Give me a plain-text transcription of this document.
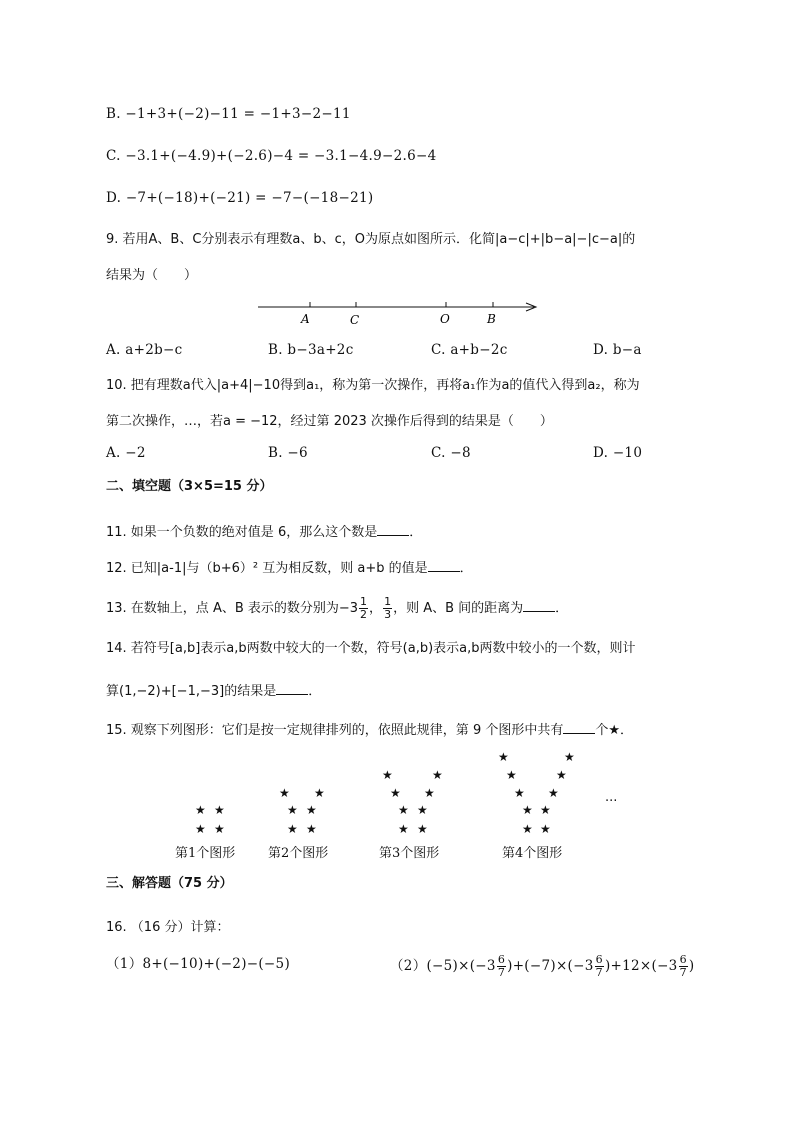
B. −1+3+(−2)−11 = −1+3−2−11
C. −3.1+(−4.9)+(−2.6)−4 = −3.1−4.9−2.6−4
D. −7+(−18)+(−21) = −7−(−18−21)
9. 若用A、B、C分别表示有理数a、b、c，O为原点如图所示．化简|a−c|+|b−a|−|c−a|的
结果为（　　）
A	C	O	B
A. a+2b−c	B. b−3a+2c	C. a+b−2c	D. b−a
10. 把有理数a代入|a+4|−10得到a₁，称为第一次操作，再将a₁作为a的值代入得到a₂，称为
第二次操作，…，若a = −12，经过第 2023 次操作后得到的结果是（　　）
A. −2	B. −6	C. −8	D. −10
二、填空题（3×5=15 分）
11. 如果一个负数的绝对值是 6，那么这个数是 ．
12. 已知|a-1|与（b+6）² 互为相反数，则 a+b 的值是 ．
13. 在数轴上，点 A、B 表示的数分别为$-3 \frac{1}{2}$ ， $\frac{1}{3}$ ，则 A、B 间的距离为 ．
14. 若符号[a,b]表示a,b两数中较大的一个数，符号(a,b)表示a,b两数中较小的一个数，则计
算(1,−2)+[−1,−3]的结果是 ．
15. 观察下列图形：它们是按一定规律排列的，依照此规律，第 9 个图形中共有 个★．
★ ★
★ ★
★ ★
★ ★
★ ★
★	★
★ ★
★ ★
★ ★
★	★
★	★
★ ★
★ ★
★ ★
···
第1个图形	第2个图形	第3个图形	第4个图形
三、解答题（75 分）
16. （16 分）计算：
（1）8+(−10)+(−2)−(−5)	$(2)(-5)\times(-3 \frac{6}{7} )+(-7)\times(-3 \frac{6}{7} )+12\times(-3 \frac{6}{7}$ )
